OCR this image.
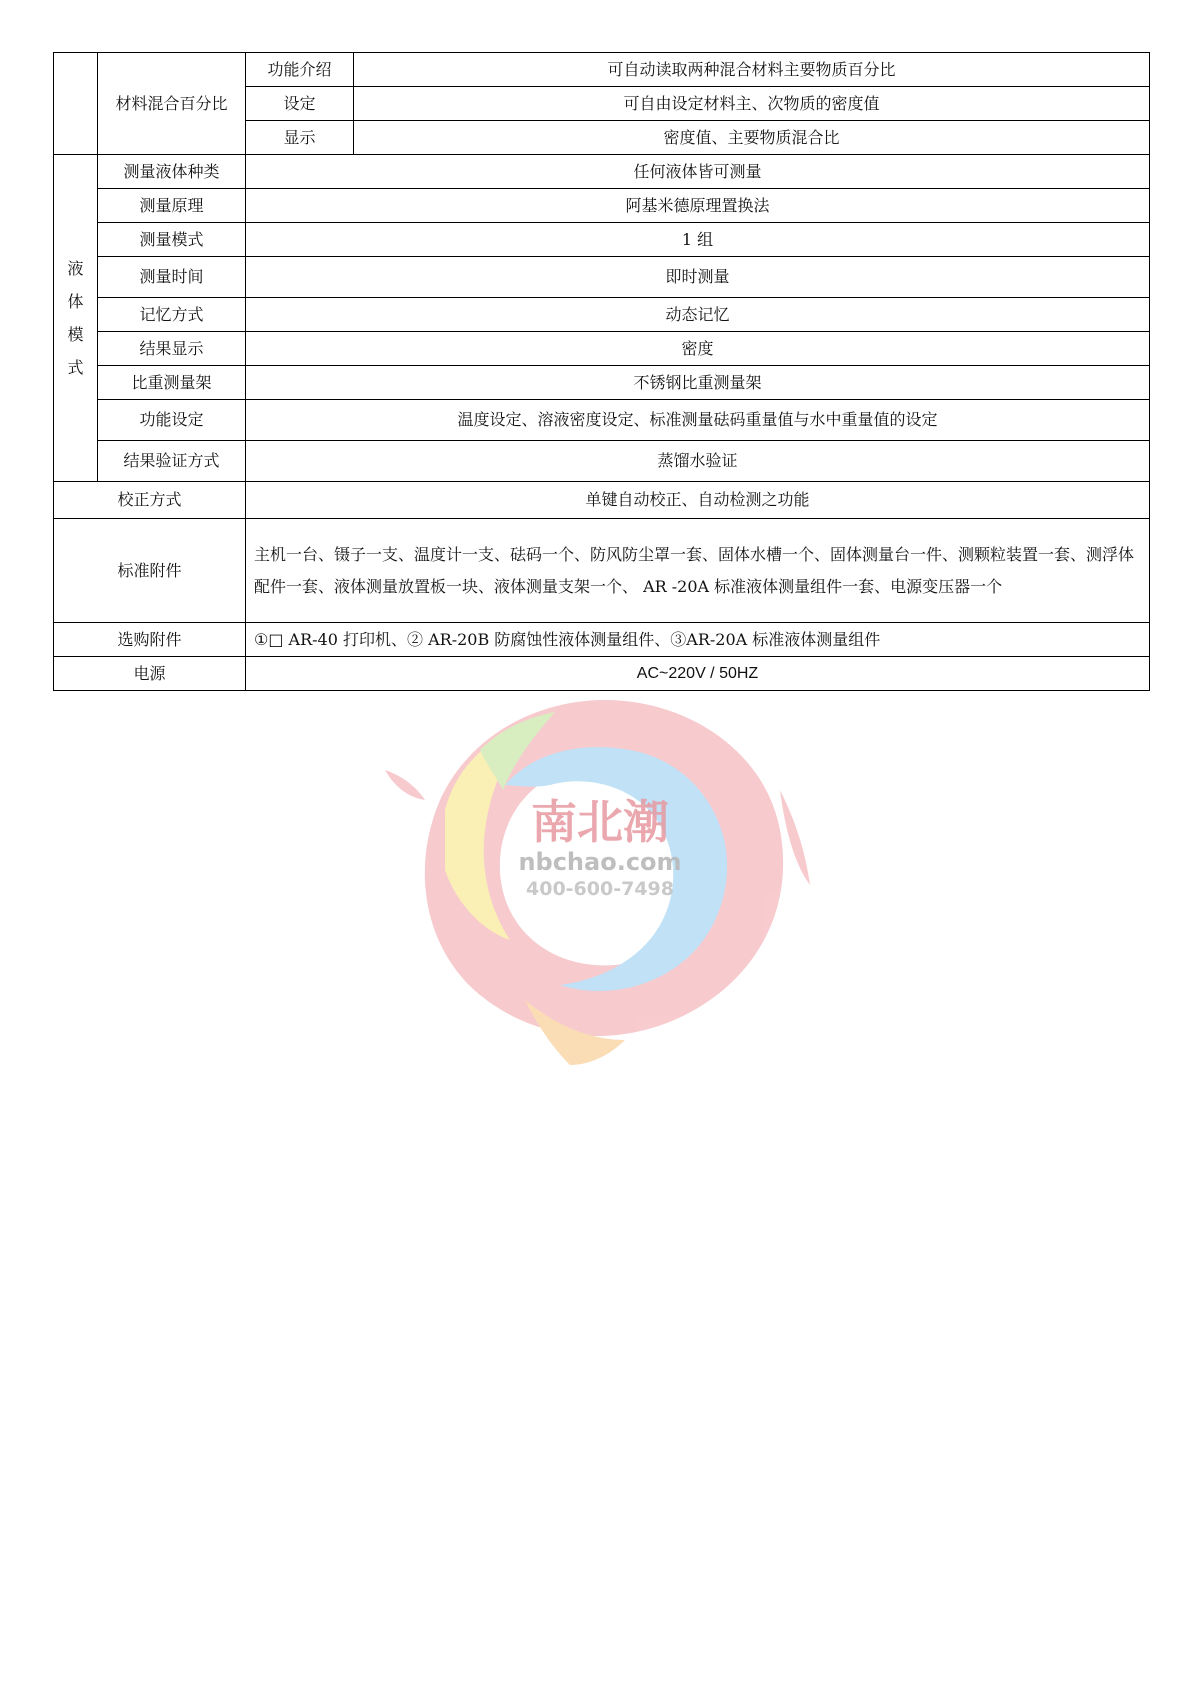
	材料混合百分比	功能介绍	可自动读取两种混合材料主要物质百分比
		设定	可自由设定材料主、次物质的密度值
		显示	密度值、主要物质混合比
液
体
模
式	测量液体种类	任何液体皆可测量	
	测量原理	阿基米德原理置换法	
	测量模式	1 组	
	测量时间	即时测量	
	记忆方式	动态记忆	
	结果显示	密度	
	比重测量架	不锈钢比重测量架	
	功能设定	温度设定、溶液密度设定、标准测量砝码重量值与水中重量值的设定	
	结果验证方式	蒸馏水验证	
校正方式		单键自动校正、自动检测之功能	
标准附件		主机一台、镊子一支、温度计一支、砝码一个、防风防尘罩一套、固体水槽一个、固体测量台一件、测颗粒装置一套、测浮体配件一套、液体测量放置板一块、液体测量支架一个、 AR -20A 标准液体测量组件一套、电源变压器一个	
选购附件		①□ AR-40 打印机、② AR-20B 防腐蚀性液体测量组件、③AR-20A 标准液体测量组件	
电源		AC~220V / 50HZ	
南北潮
nbchao.com
400-600-7498
